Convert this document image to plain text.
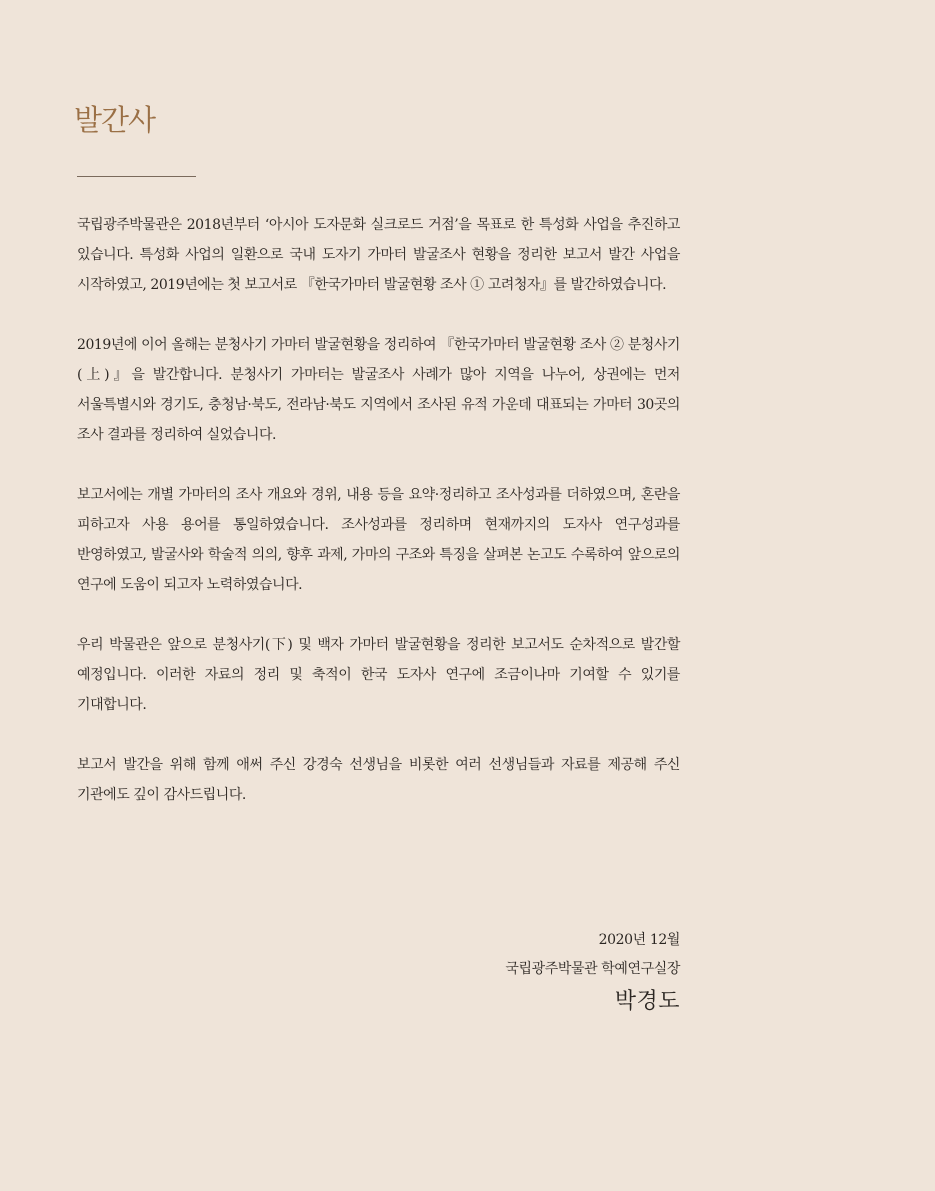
발간사

국립광주박물관은 2018년부터 ‘아시아 도자문화 실크로드 거점’을 목표로 한 특성화 사업을 추진하고 있습니다. 특성화 사업의 일환으로 국내 도자기 가마터 발굴조사 현황을 정리한 보고서 발간 사업을 시작하였고, 2019년에는 첫 보고서로 『한국가마터 발굴현황 조사 ① 고려청자』를 발간하였습니다.

2019년에 이어 올해는 분청사기 가마터 발굴현황을 정리하여 『한국가마터 발굴현황 조사 ② 분청사기(上)』을 발간합니다. 분청사기 가마터는 발굴조사 사례가 많아 지역을 나누어, 상권에는 먼저 서울특별시와 경기도, 충청남·북도, 전라남·북도 지역에서 조사된 유적 가운데 대표되는 가마터 30곳의 조사 결과를 정리하여 실었습니다.

보고서에는 개별 가마터의 조사 개요와 경위, 내용 등을 요약·정리하고 조사성과를 더하였으며, 혼란을 피하고자 사용 용어를 통일하였습니다. 조사성과를 정리하며 현재까지의 도자사 연구성과를 반영하였고, 발굴사와 학술적 의의, 향후 과제, 가마의 구조와 특징을 살펴본 논고도 수록하여 앞으로의 연구에 도움이 되고자 노력하였습니다.

우리 박물관은 앞으로 분청사기(下) 및 백자 가마터 발굴현황을 정리한 보고서도 순차적으로 발간할 예정입니다. 이러한 자료의 정리 및 축적이 한국 도자사 연구에 조금이나마 기여할 수 있기를 기대합니다.

보고서 발간을 위해 함께 애써 주신 강경숙 선생님을 비롯한 여러 선생님들과 자료를 제공해 주신 기관에도 깊이 감사드립니다.

2020년 12월
국립광주박물관 학예연구실장
박경도
